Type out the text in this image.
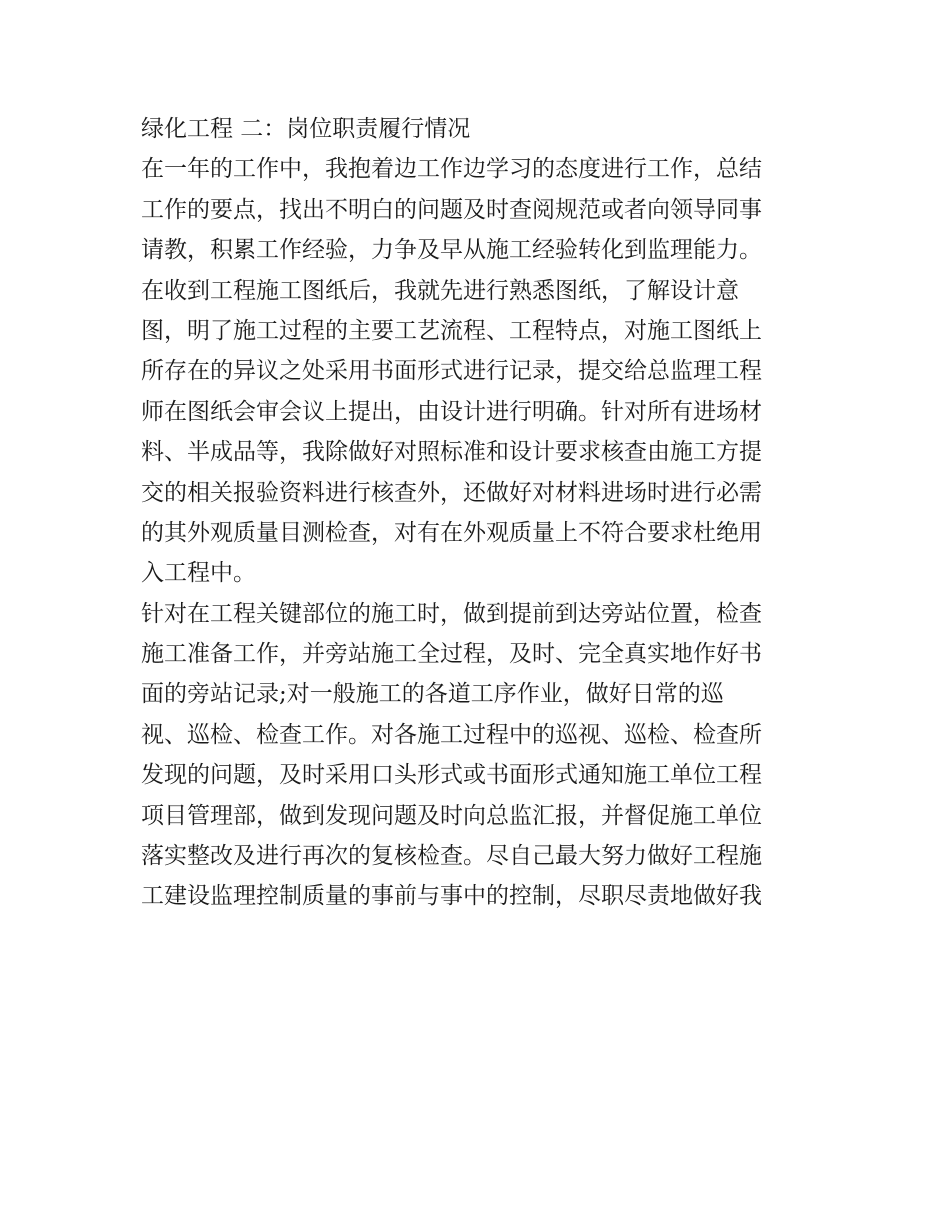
绿化工程 二：岗位职责履行情况
在一年的工作中，我抱着边工作边学习的态度进行工作，总结
工作的要点，找出不明白的问题及时查阅规范或者向领导同事
请教，积累工作经验，力争及早从施工经验转化到监理能力。
在收到工程施工图纸后，我就先进行熟悉图纸，了解设计意
图，明了施工过程的主要工艺流程、工程特点，对施工图纸上
所存在的异议之处采用书面形式进行记录，提交给总监理工程
师在图纸会审会议上提出，由设计进行明确。针对所有进场材
料、半成品等，我除做好对照标准和设计要求核查由施工方提
交的相关报验资料进行核查外，还做好对材料进场时进行必需
的其外观质量目测检查，对有在外观质量上不符合要求杜绝用
入工程中。
针对在工程关键部位的施工时，做到提前到达旁站位置，检查
施工准备工作，并旁站施工全过程，及时、完全真实地作好书
面的旁站记录;对一般施工的各道工序作业，做好日常的巡
视、巡检、检查工作。对各施工过程中的巡视、巡检、检查所
发现的问题，及时采用口头形式或书面形式通知施工单位工程
项目管理部，做到发现问题及时向总监汇报，并督促施工单位
落实整改及进行再次的复核检查。尽自己最大努力做好工程施
工建设监理控制质量的事前与事中的控制，尽职尽责地做好我
